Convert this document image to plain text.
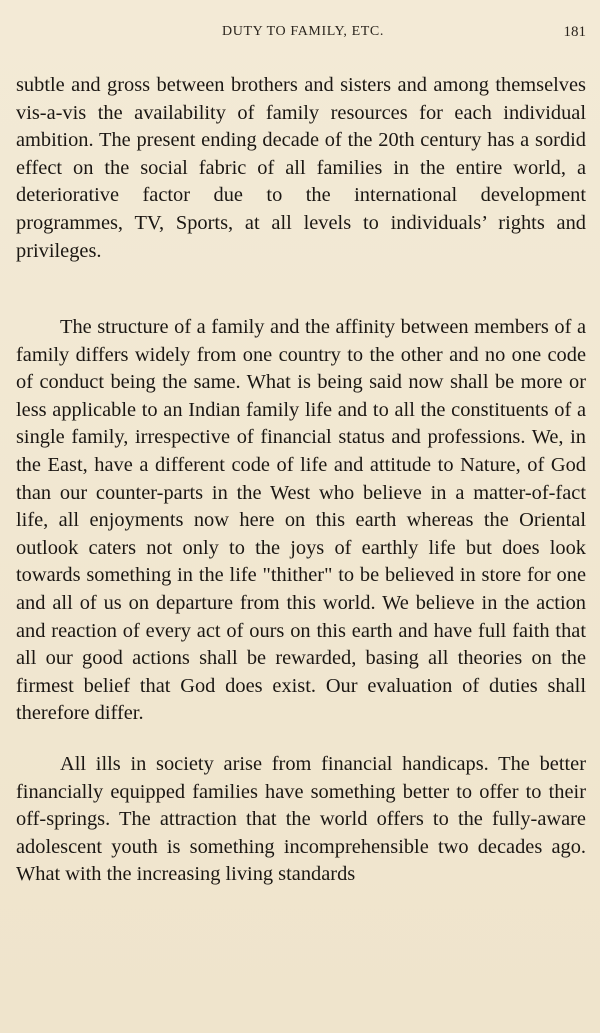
DUTY TO FAMILY, ETC.	181

subtle and gross between brothers and sisters and among themselves vis-a-vis the availability of family resources for each individual ambition. The present ending decade of the 20th century has a sordid effect on the social fabric of all families in the entire world, a deteriorative factor due to the international development programmes, TV, Sports, at all levels to individuals’ rights and privileges.

The structure of a family and the affinity between members of a family differs widely from one country to the other and no one code of conduct being the same. What is being said now shall be more or less applicable to an Indian family life and to all the constituents of a single family, irrespective of financial status and professions. We, in the East, have a different code of life and attitude to Nature, of God than our counter-parts in the West who believe in a matter-of-fact life, all enjoyments now here on this earth whereas the Oriental outlook caters not only to the joys of earthly life but does look towards something in the life "thither" to be believed in store for one and all of us on departure from this world. We believe in the action and reaction of every act of ours on this earth and have full faith that all our good actions shall be rewarded, basing all theories on the firmest belief that God does exist. Our evaluation of duties shall therefore differ.

All ills in society arise from financial handicaps. The better financially equipped families have something better to offer to their off-springs. The attraction that the world offers to the fully-aware adolescent youth is something incomprehensible two decades ago. What with the increasing living standards
